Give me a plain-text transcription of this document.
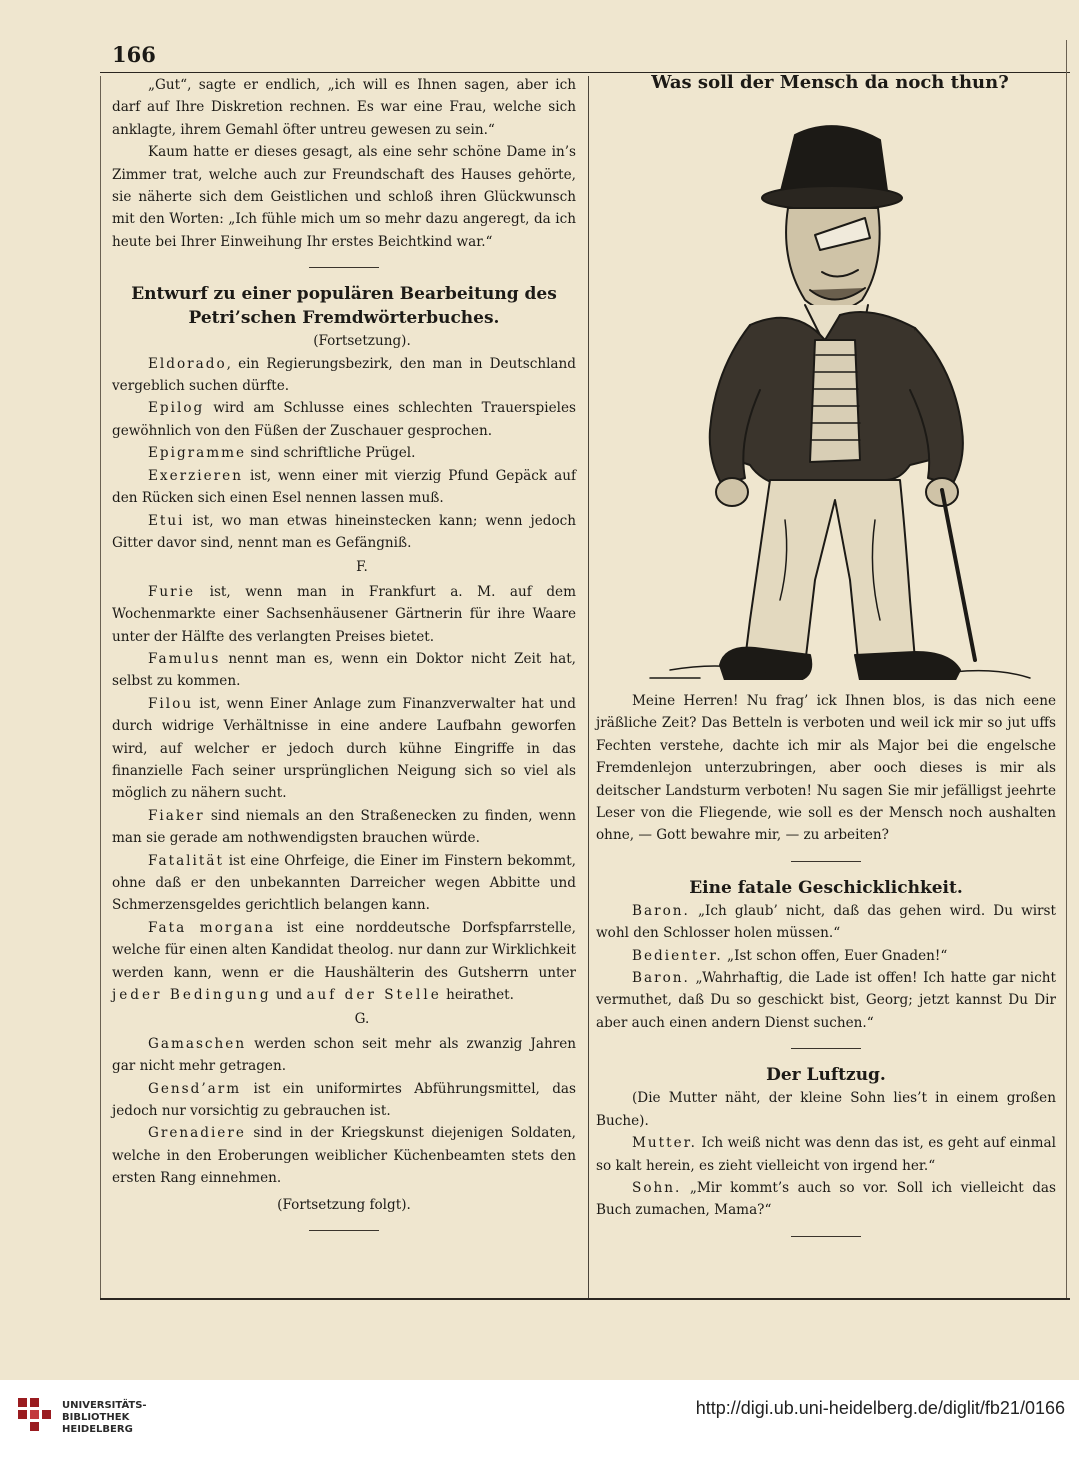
166

„Gut“, sagte er endlich, „ich will es Ihnen sagen, aber ich darf auf Ihre Diskretion rechnen. Es war eine Frau, welche sich anklagte, ihrem Gemahl öfter untreu gewesen zu sein.“

Kaum hatte er dieses gesagt, als eine sehr schöne Dame in’s Zimmer trat, welche auch zur Freundschaft des Hauses gehörte, sie näherte sich dem Geistlichen und schloß ihren Glückwunsch mit den Worten: „Ich fühle mich um so mehr dazu angeregt, da ich heute bei Ihrer Einweihung Ihr erstes Beichtkind war.“

Entwurf zu einer populären Bearbeitung des
Petri’schen Fremdwörterbuches.

(Fortsetzung).

Eldorado, ein Regierungsbezirk, den man in Deutschland vergeblich suchen dürfte.

Epilog wird am Schlusse eines schlechten Trauerspieles gewöhnlich von den Füßen der Zuschauer gesprochen.

Epigramme sind schriftliche Prügel.

Exerzieren ist, wenn einer mit vierzig Pfund Gepäck auf den Rücken sich einen Esel nennen lassen muß.

Etui ist, wo man etwas hineinstecken kann; wenn jedoch Gitter davor sind, nennt man es Gefängniß.

F.

Furie ist, wenn man in Frankfurt a. M. auf dem Wochenmarkte einer Sachsenhäusener Gärtnerin für ihre Waare unter der Hälfte des verlangten Preises bietet.

Famulus nennt man es, wenn ein Doktor nicht Zeit hat, selbst zu kommen.

Filou ist, wenn Einer Anlage zum Finanzverwalter hat und durch widrige Verhältnisse in eine andere Laufbahn geworfen wird, auf welcher er jedoch durch kühne Eingriffe in das finanzielle Fach seiner ursprünglichen Neigung sich so viel als möglich zu nähern sucht.

Fiaker sind niemals an den Straßenecken zu finden, wenn man sie gerade am nothwendigsten brauchen würde.

Fatalität ist eine Ohrfeige, die Einer im Finstern bekommt, ohne daß er den unbekannten Darreicher wegen Abbitte und Schmerzensgeldes gerichtlich belangen kann.

Fata morgana ist eine norddeutsche Dorfspfarrstelle, welche für einen alten Kandidat theolog. nur dann zur Wirklichkeit werden kann, wenn er die Haushälterin des Gutsherrn unter jeder Bedingung und auf der Stelle heirathet.

G.

Gamaschen werden schon seit mehr als zwanzig Jahren gar nicht mehr getragen.

Gensd’arm ist ein uniformirtes Abführungsmittel, das jedoch nur vorsichtig zu gebrauchen ist.

Grenadiere sind in der Kriegskunst diejenigen Soldaten, welche in den Eroberungen weiblicher Küchenbeamten stets den ersten Rang einnehmen.

(Fortsetzung folgt).

Was soll der Mensch da noch thun?

Meine Herren! Nu frag’ ick Ihnen blos, is das nich eene jräßliche Zeit? Das Betteln is verboten und weil ick mir so jut uffs Fechten verstehe, dachte ich mir als Major bei die engelsche Fremdenlejon unterzubringen, aber ooch dieses is mir als deitscher Landsturm verboten! Nu sagen Sie mir jefälligst jeehrte Leser von die Fliegende, wie soll es der Mensch noch aushalten ohne, — Gott bewahre mir, — zu arbeiten?

Eine fatale Geschicklichkeit.

Baron. „Ich glaub’ nicht, daß das gehen wird. Du wirst wohl den Schlosser holen müssen.“

Bedienter. „Ist schon offen, Euer Gnaden!“

Baron. „Wahrhaftig, die Lade ist offen! Ich hatte gar nicht vermuthet, daß Du so geschickt bist, Georg; jetzt kannst Du Dir aber auch einen andern Dienst suchen.“

Der Luftzug.

(Die Mutter näht, der kleine Sohn lies’t in einem großen Buche).

Mutter. Ich weiß nicht was denn das ist, es geht auf einmal so kalt herein, es zieht vielleicht von irgend her.“

Sohn. „Mir kommt’s auch so vor. Soll ich vielleicht das Buch zumachen, Mama?“

UNIVERSITÄTS-
BIBLIOTHEK
HEIDELBERG
http://digi.ub.uni-heidelberg.de/diglit/fb21/0166
